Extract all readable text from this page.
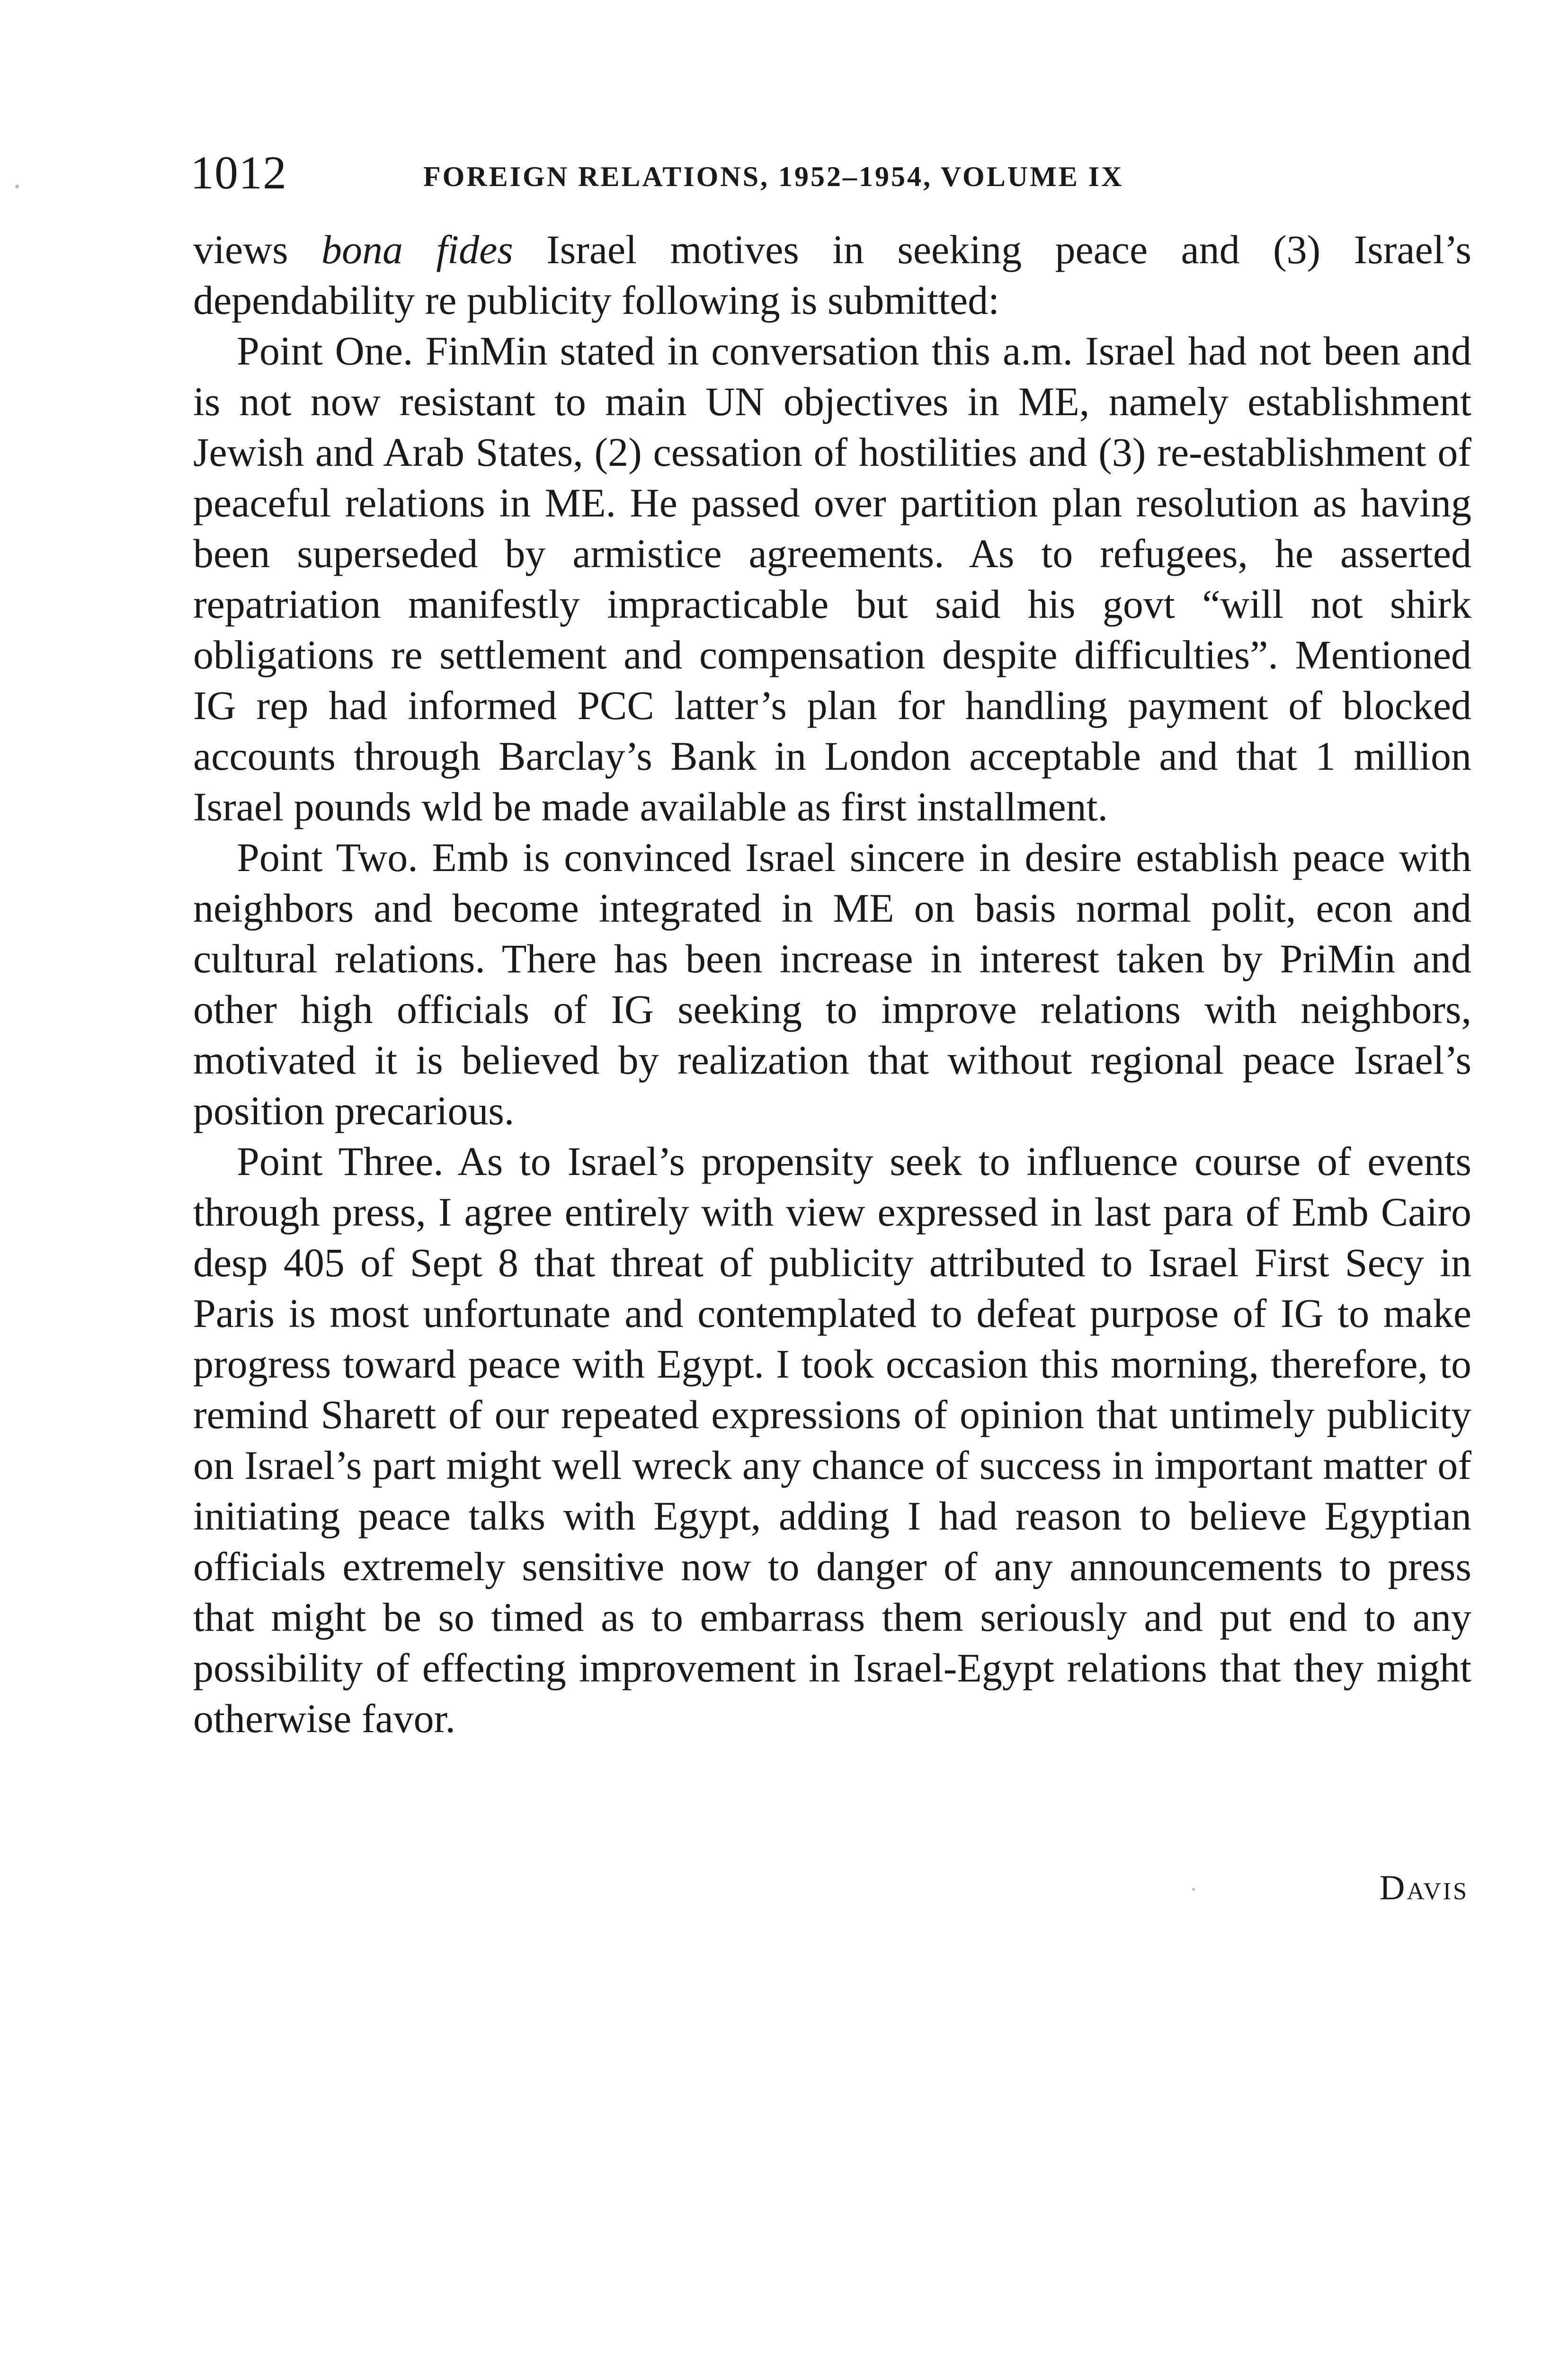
1012	FOREIGN RELATIONS, 1952–1954, VOLUME IX

views bona fides Israel motives in seeking peace and (3) Israel’s dependability re publicity following is submitted:

Point One. FinMin stated in conversation this a.m. Israel had not been and is not now resistant to main UN objectives in ME, namely establishment Jewish and Arab States, (2) cessation of hostilities and (3) re-establishment of peaceful relations in ME. He passed over partition plan resolution as having been superseded by armistice agreements. As to refugees, he asserted repatriation manifestly impracticable but said his govt “will not shirk obligations re settlement and compensation despite difficulties”. Mentioned IG rep had informed PCC latter’s plan for handling payment of blocked accounts through Barclay’s Bank in London acceptable and that 1 million Israel pounds wld be made available as first installment.

Point Two. Emb is convinced Israel sincere in desire establish peace with neighbors and become integrated in ME on basis normal polit, econ and cultural relations. There has been increase in interest taken by PriMin and other high officials of IG seeking to improve relations with neighbors, motivated it is believed by realization that without regional peace Israel’s position precarious.

Point Three. As to Israel’s propensity seek to influence course of events through press, I agree entirely with view expressed in last para of Emb Cairo desp 405 of Sept 8 that threat of publicity attributed to Israel First Secy in Paris is most unfortunate and contemplated to defeat purpose of IG to make progress toward peace with Egypt. I took occasion this morning, therefore, to remind Sharett of our repeated expressions of opinion that untimely publicity on Israel’s part might well wreck any chance of success in important matter of initiating peace talks with Egypt, adding I had reason to believe Egyptian officials extremely sensitive now to danger of any announcements to press that might be so timed as to embarrass them seriously and put end to any possibility of effecting improvement in Israel-Egypt relations that they might otherwise favor.

Davis
